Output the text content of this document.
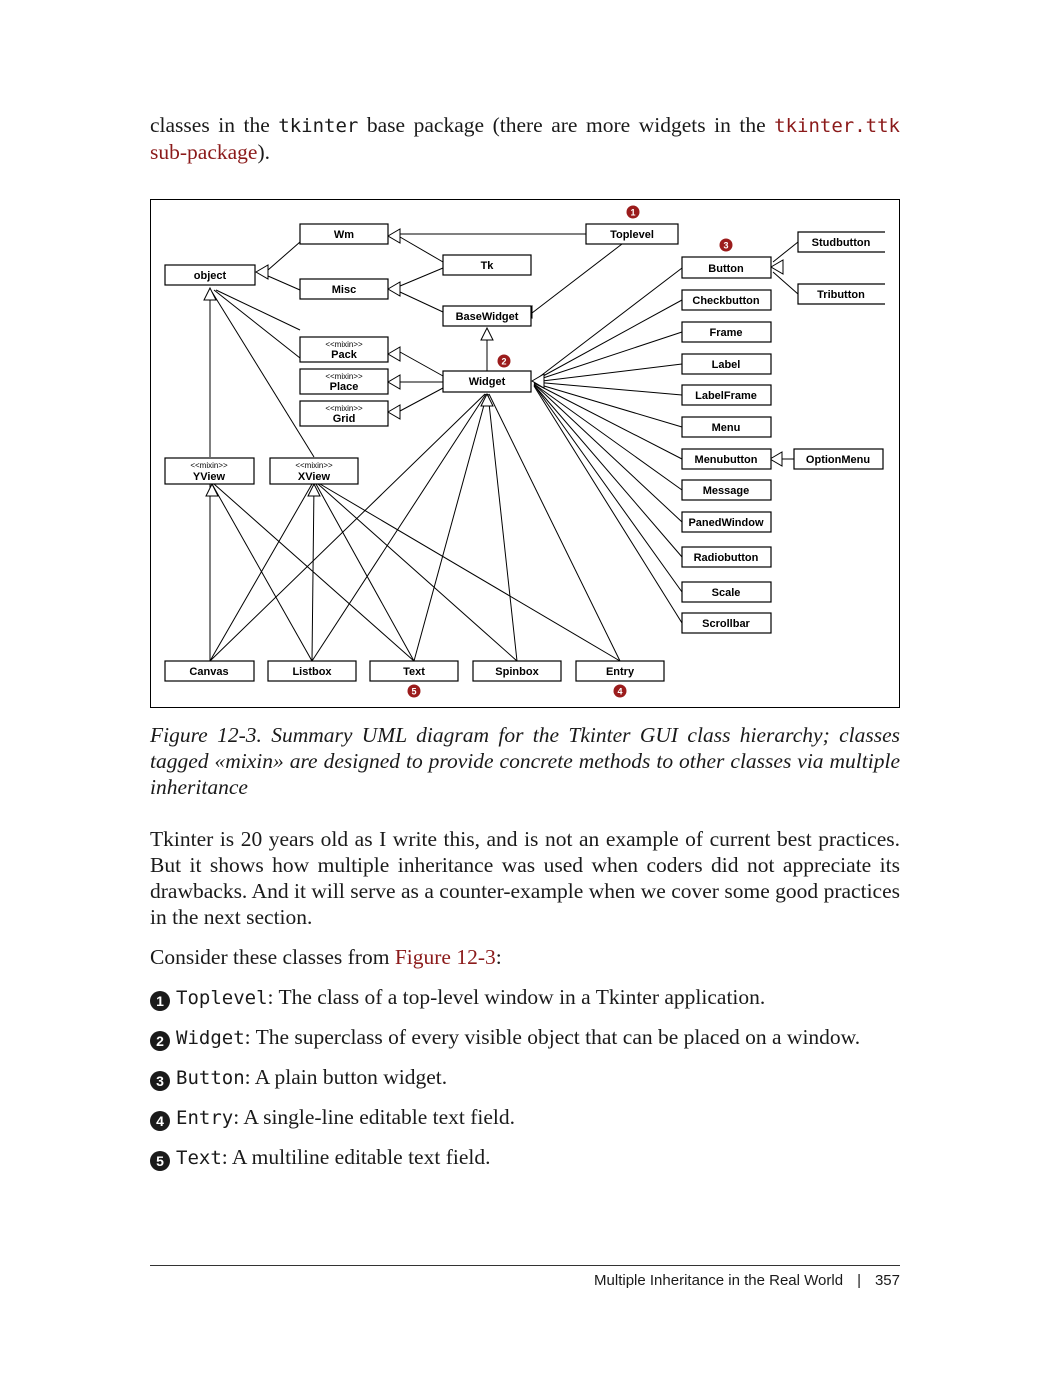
classes in the tkinter base package (there are more widgets in the tkinter.ttk sub-package).
object
Wm
Misc
Tk
Toplevel
BaseWidget
Widget
<<mixin>>
Pack
<<mixin>>
Place
<<mixin>>
Grid
<<mixin>>
YView
<<mixin>>
XView
Button
Studbutton
Tributton
Checkbutton
Frame
Label
LabelFrame
Menu
Menubutton	OptionMenu
Message
PanedWindow
Radiobutton
Scale
Scrollbar
Canvas	Listbox	Text	Spinbox	Entry
1
2
3
4
5
Figure 12-3. Summary UML diagram for the Tkinter GUI class hierarchy; classes tagged «mixin» are designed to provide concrete methods to other classes via multiple inheritance
Tkinter is 20 years old as I write this, and is not an example of current best practices. But it shows how multiple inheritance was used when coders did not appreciate its drawbacks. And it will serve as a counter-example when we cover some good practices in the next section.
Consider these classes from Figure 12-3:
1 Toplevel: The class of a top-level window in a Tkinter application.
2 Widget: The superclass of every visible object that can be placed on a window.
3 Button: A plain button widget.
4 Entry: A single-line editable text field.
5 Text: A multiline editable text field.
Multiple Inheritance in the Real World | 357
